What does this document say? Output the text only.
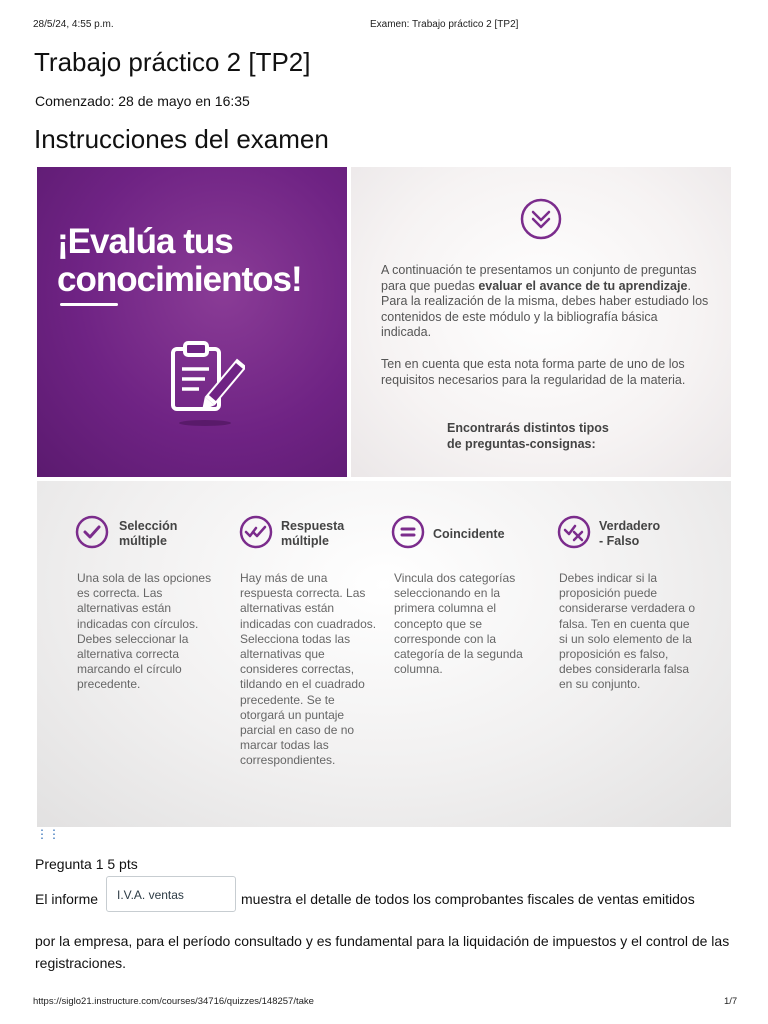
28/5/24, 4:55 p.m.	Examen: Trabajo práctico 2 [TP2]
Trabajo práctico 2 [TP2]
Comenzado: 28 de mayo en 16:35
Instrucciones del examen
¡Evalúa tus
conocimientos!	A continuación te presentamos un conjunto de preguntas para que puedas evaluar el avance de tu aprendizaje. Para la realización de la misma, debes haber estudiado los contenidos de este módulo y la bibliografía básica indicada.
Ten en cuenta que esta nota forma parte de uno de los requisitos necesarios para la regularidad de la materia.
Encontrarás distintos tipos
de preguntas-consignas:
Selección
múltiple
Una sola de las opciones es correcta. Las alternativas están indicadas con círculos. Debes seleccionar la alternativa correcta marcando el círculo precedente.
Respuesta
múltiple
Hay más de una respuesta correcta. Las alternativas están indicadas con cuadrados. Selecciona todas las alternativas que consideres correctas, tildando en el cuadrado precedente. Se te otorgará un puntaje parcial en caso de no marcar todas las correspondientes.
Coincidente
Vincula dos categorías seleccionando en la primera columna el concepto que se corresponde con la categoría de la segunda columna.
Verdadero
- Falso
Debes indicar si la proposición puede considerarse verdadera o falsa. Ten en cuenta que si un solo elemento de la proposición es falso, debes considerarla falsa en su conjunto.
⋮⋮
Pregunta 1 5 pts
El informe I.V.A. ventas	muestra el detalle de todos los comprobantes fiscales de ventas emitidos
por la empresa, para el período consultado y es fundamental para la liquidación de impuestos y el control de las registraciones.
https://siglo21.instructure.com/courses/34716/quizzes/148257/take	1/7
